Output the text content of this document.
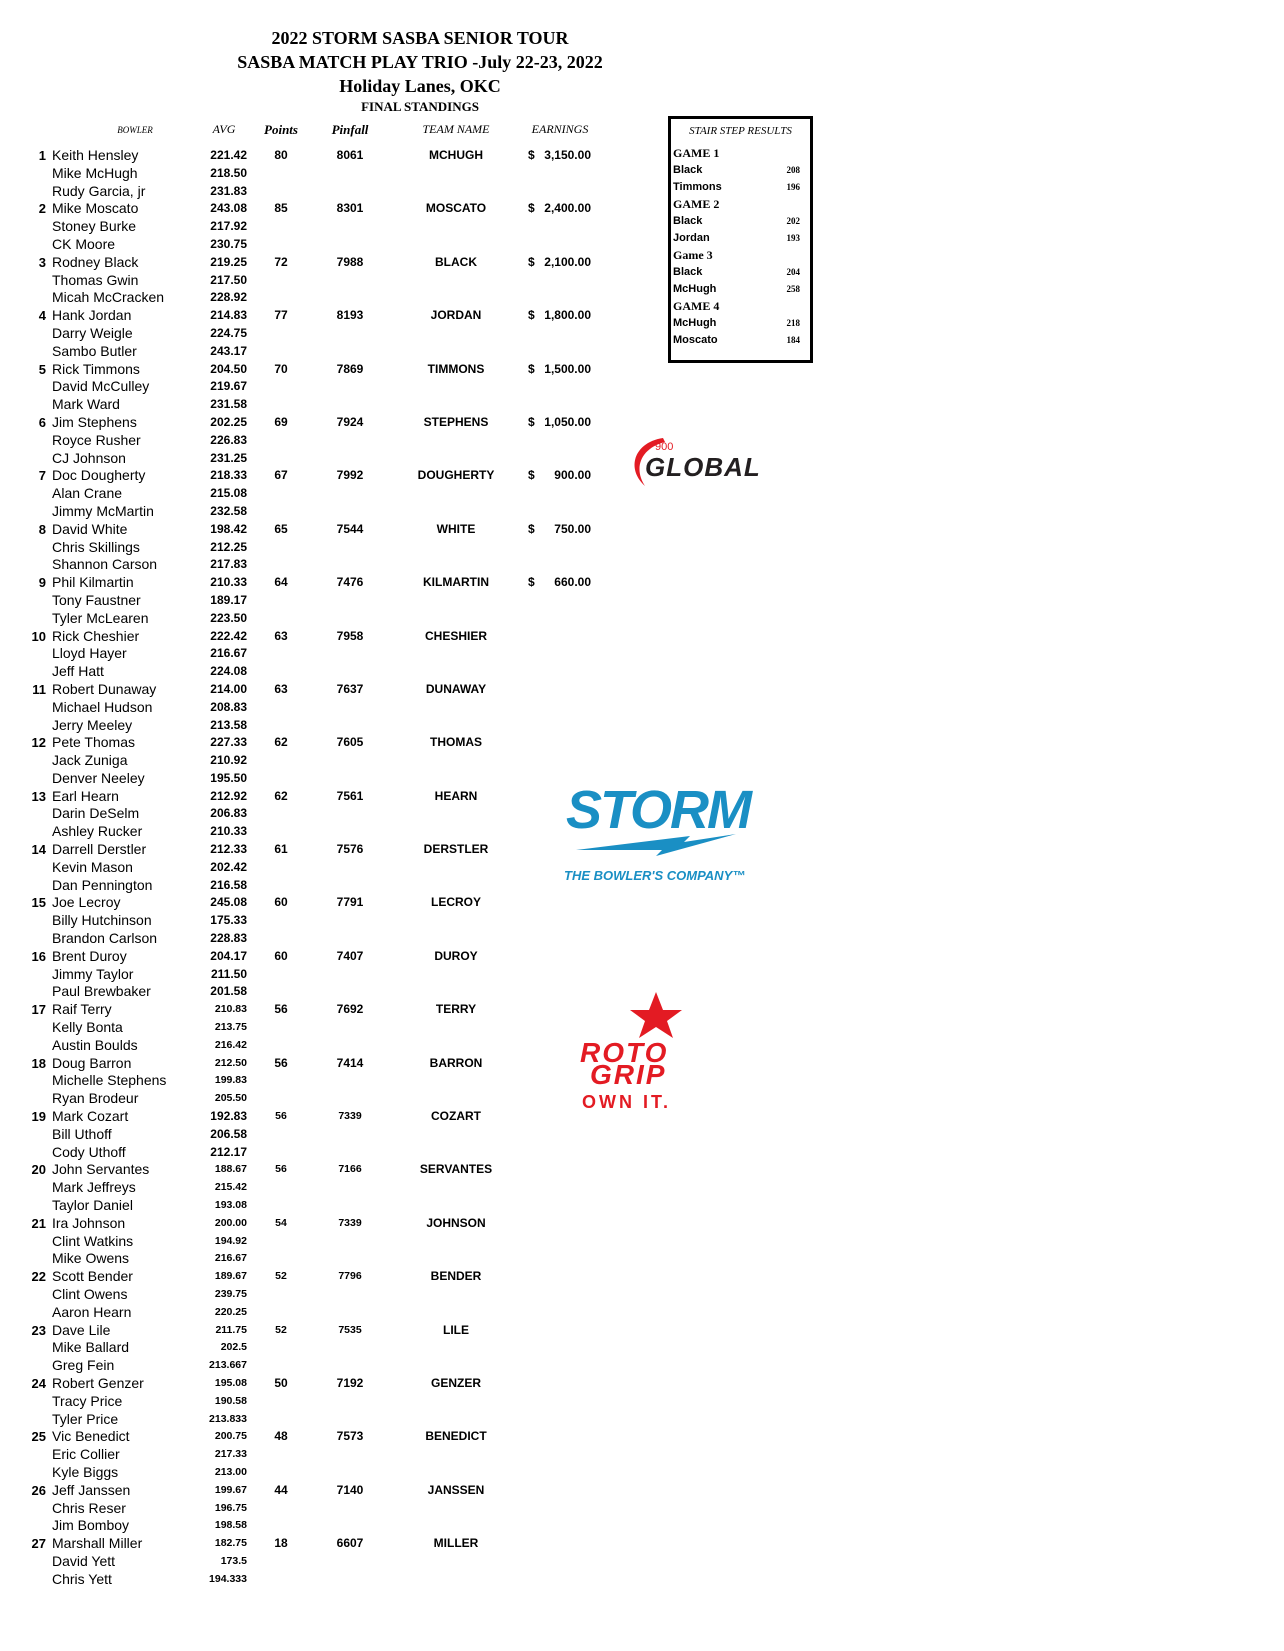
2022 STORM SASBA SENIOR TOUR
SASBA MATCH PLAY TRIO -July 22-23, 2022
Holiday Lanes, OKC
FINAL STANDINGS
BOWLER	AVG	Points	Pinfall	TEAM NAME	EARNINGS
1 Keith Hensley	221.42	80	8061	MCHUGH	$ 3,150.00
Mike McHugh	218.50
Rudy Garcia, jr	231.83
2 Mike Moscato	243.08	85	8301	MOSCATO	$ 2,400.00
Stoney Burke	217.92
CK Moore	230.75
3 Rodney Black	219.25	72	7988	BLACK	$ 2,100.00
Thomas Gwin	217.50
Micah McCracken	228.92
4 Hank Jordan	214.83	77	8193	JORDAN	$ 1,800.00
Darry Weigle	224.75
Sambo Butler	243.17
5 Rick Timmons	204.50	70	7869	TIMMONS	$ 1,500.00
David McCulley	219.67
Mark Ward	231.58
6 Jim Stephens	202.25	69	7924	STEPHENS	$ 1,050.00
Royce Rusher	226.83
CJ Johnson	231.25
7 Doc Dougherty	218.33	67	7992	DOUGHERTY	$ 900.00
Alan Crane	215.08
Jimmy McMartin	232.58
8 David White	198.42	65	7544	WHITE	$ 750.00
Chris Skillings	212.25
Shannon Carson	217.83
9 Phil Kilmartin	210.33	64	7476	KILMARTIN	$ 660.00
Tony Faustner	189.17
Tyler McLearen	223.50
10 Rick Cheshier	222.42	63	7958	CHESHIER
Lloyd Hayer	216.67
Jeff Hatt	224.08
11 Robert Dunaway	214.00	63	7637	DUNAWAY
Michael Hudson	208.83
Jerry Meeley	213.58
12 Pete Thomas	227.33	62	7605	THOMAS
Jack Zuniga	210.92
Denver Neeley	195.50
13 Earl Hearn	212.92	62	7561	HEARN
Darin DeSelm	206.83
Ashley Rucker	210.33
14 Darrell Derstler	212.33	61	7576	DERSTLER
Kevin Mason	202.42
Dan Pennington	216.58
15 Joe Lecroy	245.08	60	7791	LECROY
Billy Hutchinson	175.33
Brandon Carlson	228.83
16 Brent Duroy	204.17	60	7407	DUROY
Jimmy Taylor	211.50
Paul Brewbaker	201.58
17 Raif Terry	210.83	56	7692	TERRY
Kelly Bonta	213.75
Austin Boulds	216.42
18 Doug Barron	212.50	56	7414	BARRON
Michelle Stephens	199.83
Ryan Brodeur	205.50
19 Mark Cozart	192.83	56	7339	COZART
Bill Uthoff	206.58
Cody Uthoff	212.17
20 John Servantes	188.67	56	7166	SERVANTES
Mark Jeffreys	215.42
Taylor Daniel	193.08
21 Ira Johnson	200.00	54	7339	JOHNSON
Clint Watkins	194.92
Mike Owens	216.67
22 Scott Bender	189.67	52	7796	BENDER
Clint Owens	239.75
Aaron Hearn	220.25
23 Dave Lile	211.75	52	7535	LILE
Mike Ballard	202.5
Greg Fein	213.667
24 Robert Genzer	195.08	50	7192	GENZER
Tracy Price	190.58
Tyler Price	213.833
25 Vic Benedict	200.75	48	7573	BENEDICT
Eric Collier	217.33
Kyle Biggs	213.00
26 Jeff Janssen	199.67	44	7140	JANSSEN
Chris Reser	196.75
Jim Bomboy	198.58
27 Marshall Miller	182.75	18	6607	MILLER
David Yett	173.5
Chris Yett	194.333
STAIR STEP RESULTS
GAME 1
Black	208
Timmons	196
GAME 2
Black	202
Jordan	193
Game 3
Black	204
McHugh	258
GAME 4
McHugh	218
Moscato	184
900
GLOBAL
STORM
THE BOWLER'S COMPANY™
ROTO
GRIP
OWN IT.
